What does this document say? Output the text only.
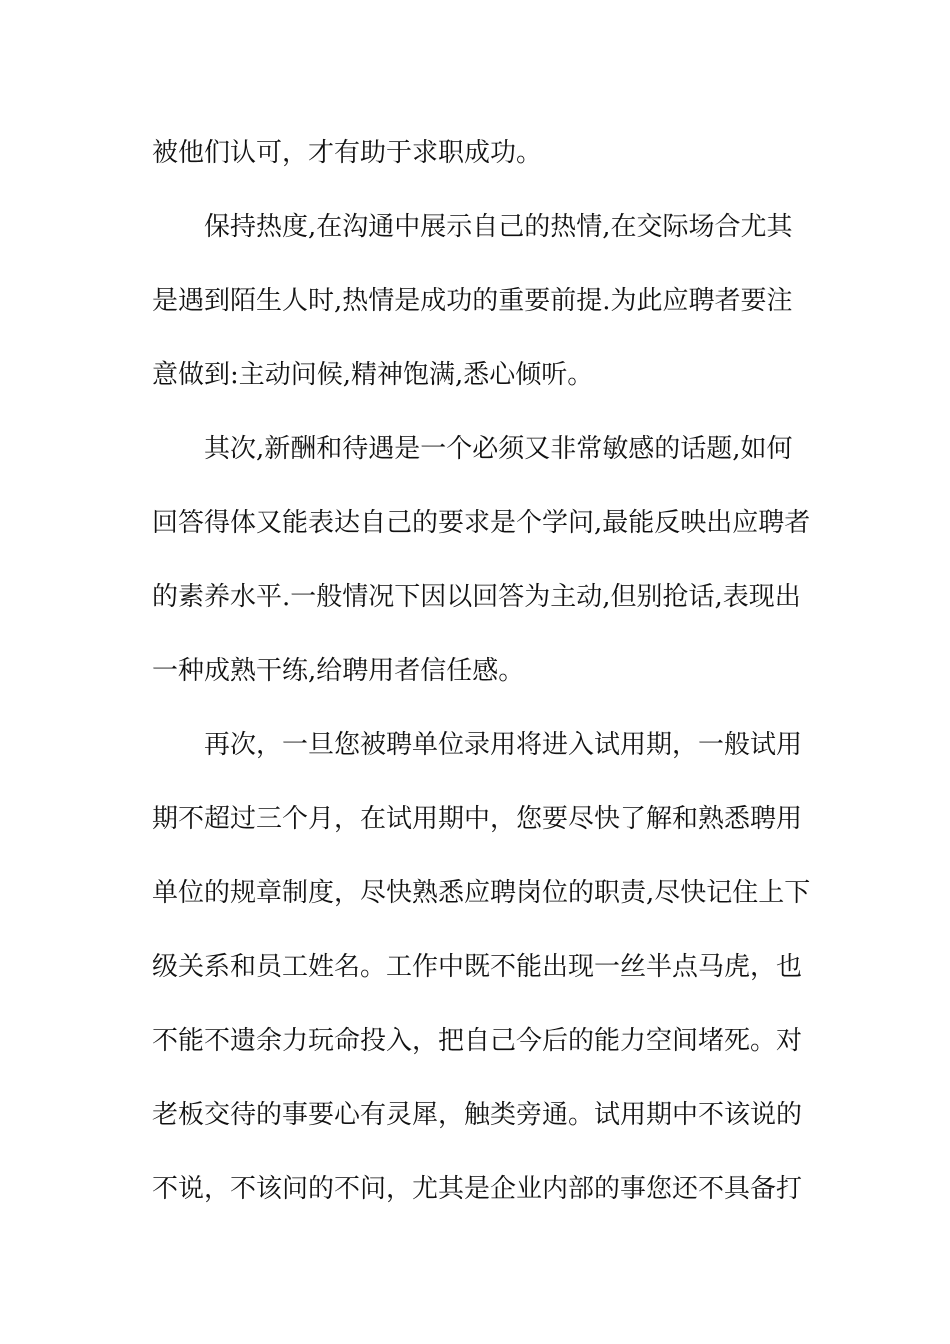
被他们认可，才有助于求职成功。
保持热度,在沟通中展示自己的热情,在交际场合尤其
是遇到陌生人时,热情是成功的重要前提.为此应聘者要注
意做到:主动问候,精神饱满,悉心倾听。
其次,新酬和待遇是一个必须又非常敏感的话题,如何
回答得体又能表达自己的要求是个学问,最能反映出应聘者
的素养水平.一般情况下因以回答为主动,但别抢话,表现出
一种成熟干练,给聘用者信任感。
再次，一旦您被聘单位录用将进入试用期，一般试用
期不超过三个月，在试用期中，您要尽快了解和熟悉聘用
单位的规章制度，尽快熟悉应聘岗位的职责,尽快记住上下
级关系和员工姓名。工作中既不能出现一丝半点马虎，也
不能不遗余力玩命投入，把自己今后的能力空间堵死。对
老板交待的事要心有灵犀，触类旁通。试用期中不该说的
不说，不该问的不问，尤其是企业内部的事您还不具备打
